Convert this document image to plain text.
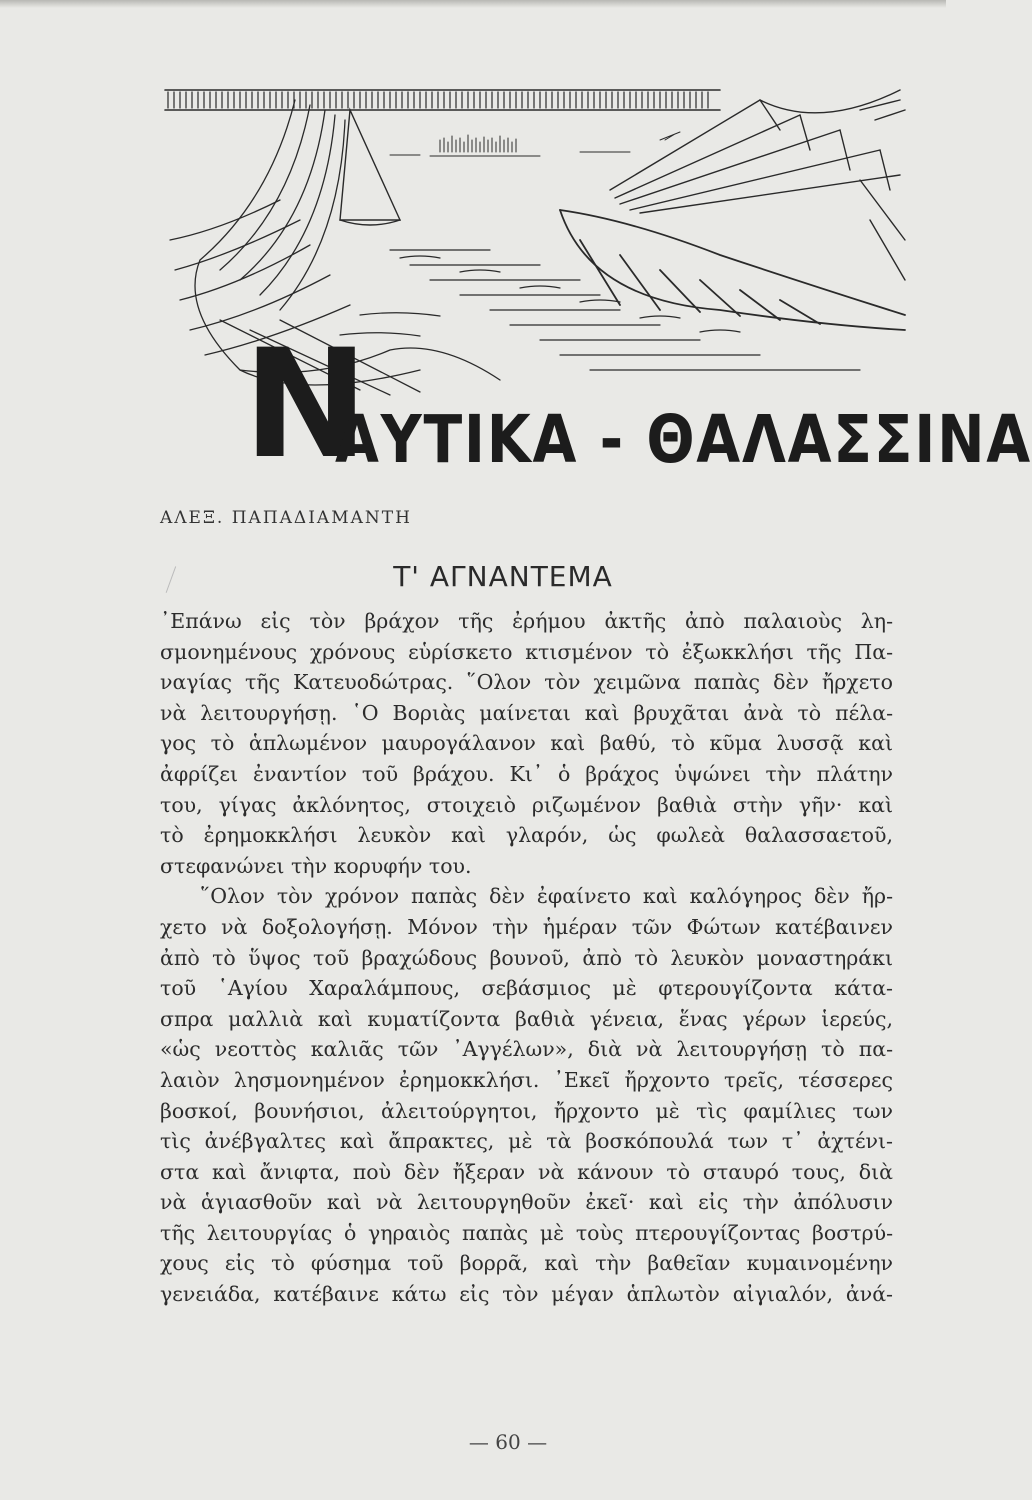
Ν
ΑΥΤΙΚΑ - ΘΑΛΑΣΣΙΝΑ
ΑΛΕΞ. ΠΑΠΑΔΙΑΜΑΝΤΗ
Τ' ΑΓΝΑΝΤΕΜΑ
᾿Επάνω εἰς τὸν βράχον τῆς ἐρήμου ἀκτῆς ἀπὸ παλαιοὺς λη-
σμονημένους χρόνους εὑρίσκετο κτισμένον τὸ ἐξωκκλήσι τῆς Πα-
ναγίας τῆς Κατευοδώτρας. ῞Ολον τὸν χειμῶνα παπὰς δὲν ἤρχετο
νὰ λειτουργήσῃ. ῾Ο Βοριὰς μαίνεται καὶ βρυχᾶται ἀνὰ τὸ πέλα-
γος τὸ ἁπλωμένον μαυρογάλανον καὶ βαθύ, τὸ κῦμα λυσσᾷ καὶ
ἀφρίζει ἐναντίον τοῦ βράχου. Κι᾿ ὁ βράχος ὑψώνει τὴν πλάτην
του, γίγας ἀκλόνητος, στοιχειὸ ριζωμένον βαθιὰ στὴν γῆν· καὶ
τὸ ἐρημοκκλήσι λευκὸν καὶ γλαρόν, ὡς φωλεὰ θαλασσαετοῦ,
στεφανώνει τὴν κορυφήν του.
῞Ολον τὸν χρόνον παπὰς δὲν ἐφαίνετο καὶ καλόγηρος δὲν ἤρ-
χετο νὰ δοξολογήσῃ. Μόνον τὴν ἡμέραν τῶν Φώτων κατέβαινεν
ἀπὸ τὸ ὕψος τοῦ βραχώδους βουνοῦ, ἀπὸ τὸ λευκὸν μοναστηράκι
τοῦ ῾Αγίου Χαραλάμπους, σεβάσμιος μὲ φτερουγίζοντα κάτα-
σπρα μαλλιὰ καὶ κυματίζοντα βαθιὰ γένεια, ἕνας γέρων ἱερεύς,
«ὡς νεοττὸς καλιᾶς τῶν ᾿Αγγέλων», διὰ νὰ λειτουργήσῃ τὸ πα-
λαιὸν λησμονημένον ἐρημοκκλήσι. ᾿Εκεῖ ἤρχοντο τρεῖς, τέσσερες
βοσκοί, βουνήσιοι, ἀλειτούργητοι, ἤρχοντο μὲ τὶς φαμίλιες των
τὶς ἀνέβγαλτες καὶ ἄπρακτες, μὲ τὰ βοσκόπουλά των τ᾿ ἀχτένι-
στα καὶ ἄνιφτα, ποὺ δὲν ἤξεραν νὰ κάνουν τὸ σταυρό τους, διὰ
νὰ ἁγιασθοῦν καὶ νὰ λειτουργηθοῦν ἐκεῖ· καὶ εἰς τὴν ἀπόλυσιν
τῆς λειτουργίας ὁ γηραιὸς παπὰς μὲ τοὺς πτερουγίζοντας βοστρύ-
χους εἰς τὸ φύσημα τοῦ βορρᾶ, καὶ τὴν βαθεῖαν κυμαινομένην
γενειάδα, κατέβαινε κάτω εἰς τὸν μέγαν ἁπλωτὸν αἰγιαλόν, ἀνά-
— 60 —
